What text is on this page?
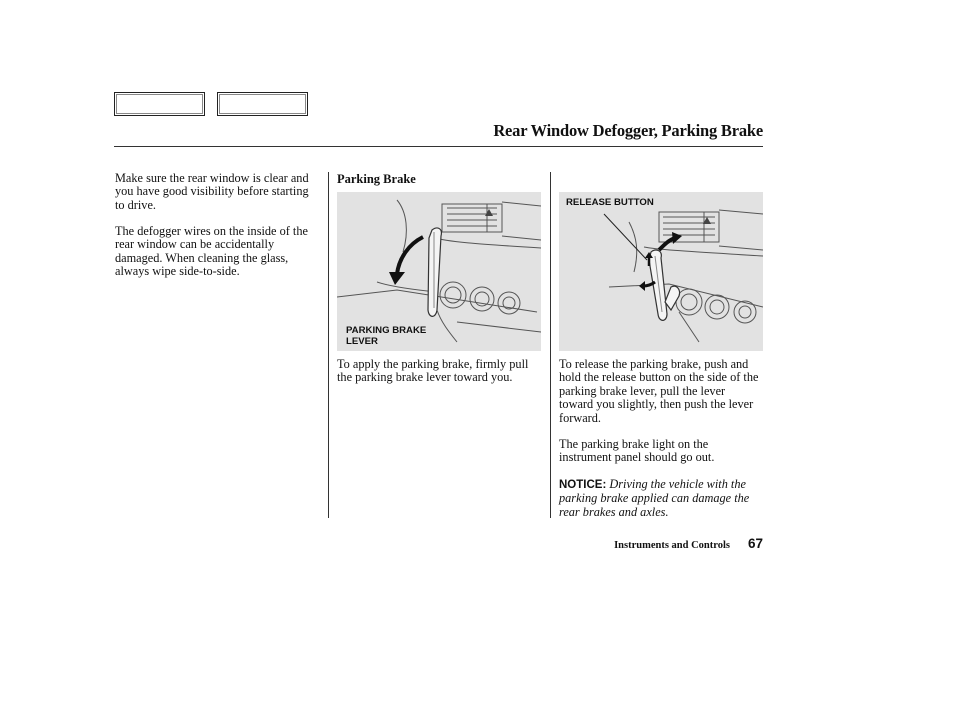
Rear Window Defogger, Parking Brake

Make sure the rear window is clear and you have good visibility before starting to drive.

The defogger wires on the inside of the rear window can be accidentally damaged. When cleaning the glass, always wipe side-to-side.

Parking Brake
PARKING BRAKE
LEVER
RELEASE BUTTON

To apply the parking brake, firmly pull the parking brake lever toward you.

To release the parking brake, push and hold the release button on the side of the parking brake lever, pull the lever toward you slightly, then push the lever forward.

The parking brake light on the instrument panel should go out.

NOTICE: Driving the vehicle with the parking brake applied can damage the rear brakes and axles.

Instruments and Controls	67
